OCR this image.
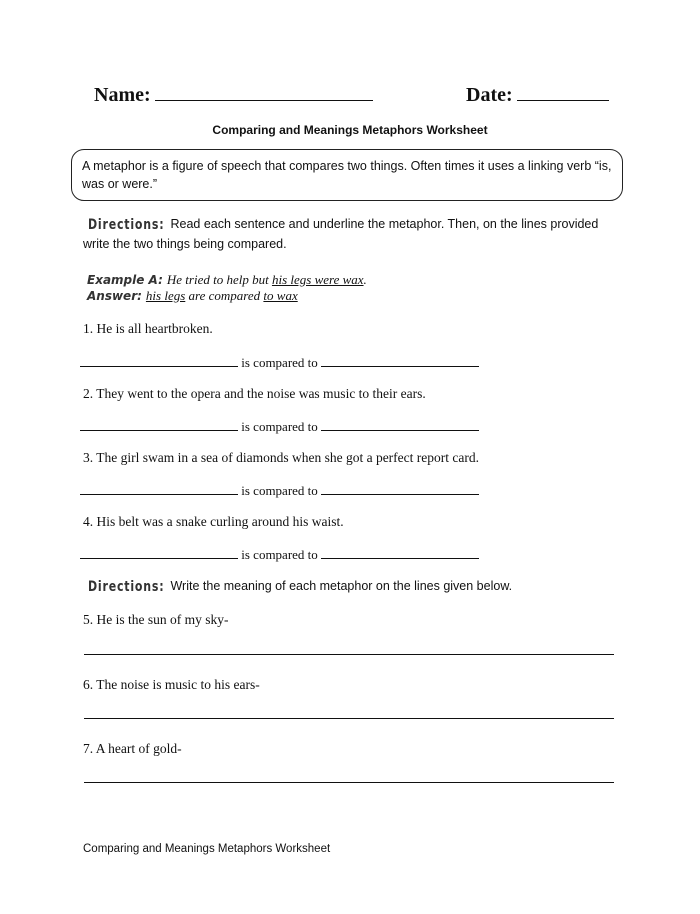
Name:	Date:
Comparing and Meanings Metaphors Worksheet
A metaphor is a figure of speech that compares two things. Often times it uses a linking verb “is, was or were.”
Directions: Read each sentence and underline the metaphor. Then, on the lines provided
write the two things being compared.
Example A: He tried to help but his legs were wax.
Answer: his legs are compared to wax
1. He is all heartbroken.
is compared to
2. They went to the opera and the noise was music to their ears.
is compared to
3. The girl swam in a sea of diamonds when she got a perfect report card.
is compared to
4. His belt was a snake curling around his waist.
is compared to
Directions: Write the meaning of each metaphor on the lines given below.
5. He is the sun of my sky-
6. The noise is music to his ears-
7. A heart of gold-
Comparing and Meanings Metaphors Worksheet
